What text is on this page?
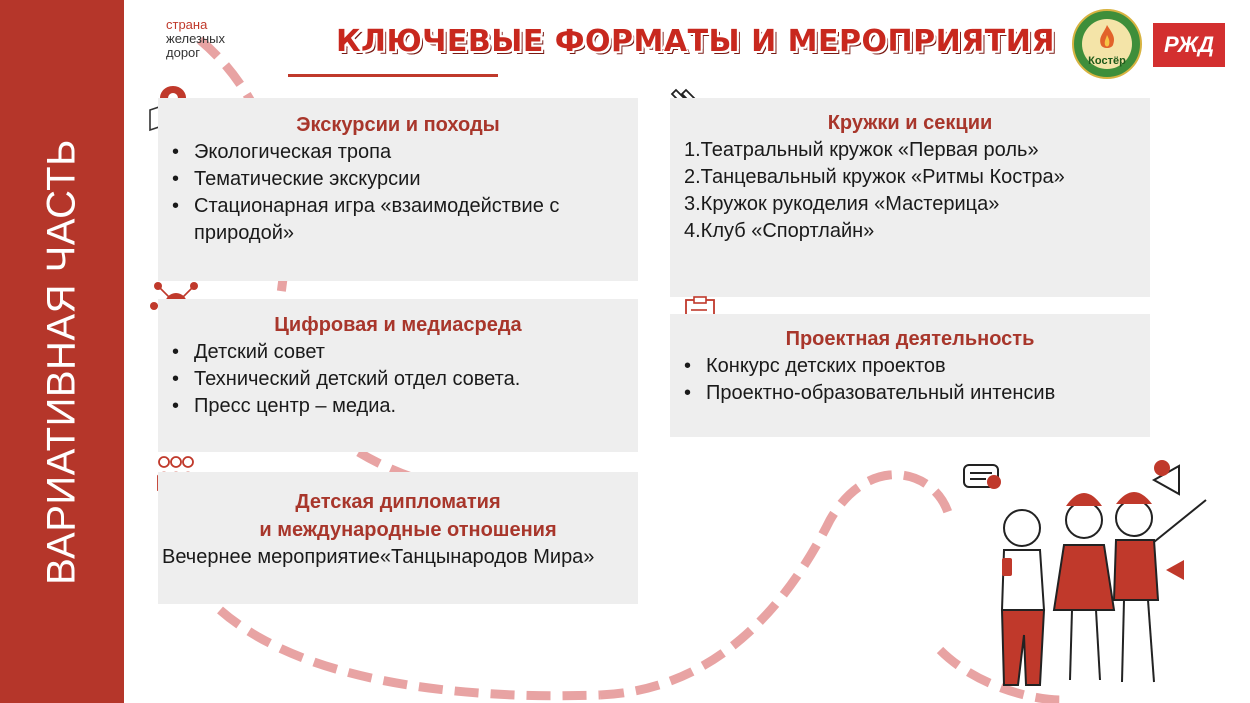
ВАРИАТИВНАЯ ЧАСТЬ
страна
железных
дорог	КЛЮЧЕВЫЕ ФОРМАТЫ И МЕРОПРИЯТИЯ
Костёр
РЖД
Экскурсии и походы
• Экологическая тропа
• Тематические экскурсии
• Стационарная игра «взаимодействие с природой»
Цифровая и медиасреда
• Детский совет
• Технический детский отдел совета.
• Пресс центр – медиа.
Детская дипломатия
и международные отношения
Вечернее мероприятие«Танцынародов Мира»
Кружки и секции
1.Театральный кружок «Первая роль»
2.Танцевальный кружок «Ритмы Костра»
3.Кружок рукоделия «Мастерица»
4.Клуб «Спортлайн»
Проектная деятельность
• Конкурс детских проектов
• Проектно-образовательный интенсив
